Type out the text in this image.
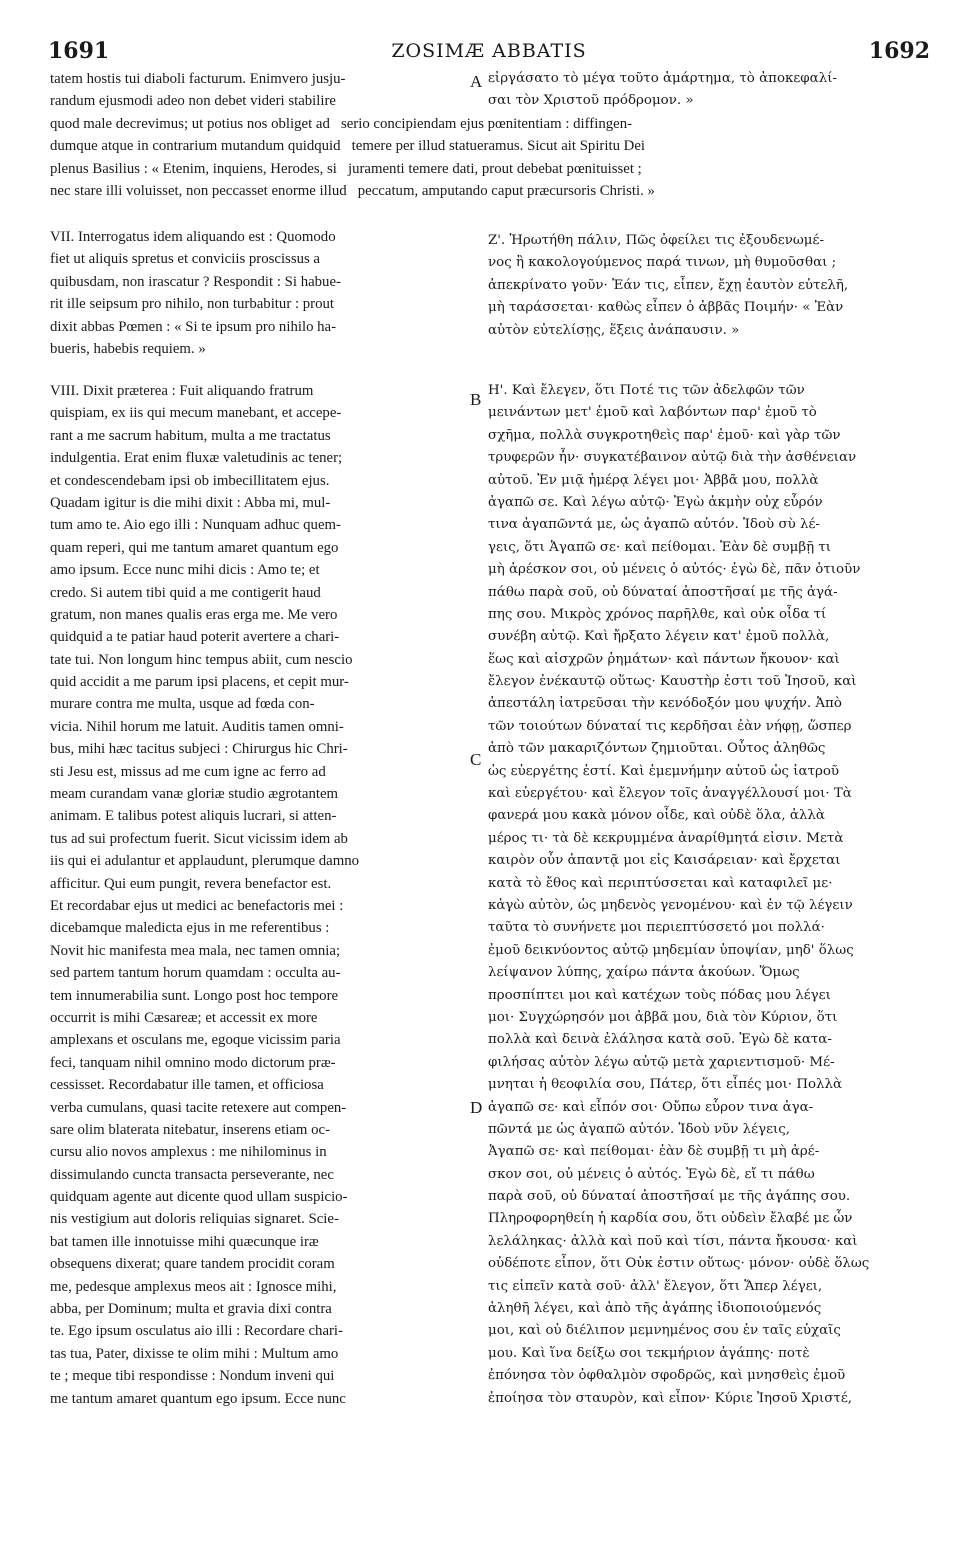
1691	ZOSIMÆ ABBATIS	1692
A
B
C
D
tatem hostis tui diaboli facturum. Enimvero jusju-
randum ejusmodi adeo non debet videri stabilire
εἰργάσατο τὸ μέγα τοῦτο ἁμάρτημα, τὸ ἀποκεφαλί-
σαι τὸν Χριστοῦ πρόδρομον. »
quod male decrevimus; ut potius nos obliget ad   serio concipiendam ejus pœnitentiam : diffingen-
dumque atque in contrarium mutandum quidquid   temere per illud statueramus. Sicut ait Spiritu Dei
plenus Basilius : « Etenim, inquiens, Herodes, si   juramenti temere dati, prout debebat pœnituisset ;
nec stare illi voluisset, non peccasset enorme illud   peccatum, amputando caput præcursoris Christi. »
VII. Interrogatus idem aliquando est : Quomodo
fiet ut aliquis spretus et conviciis proscissus a
quibusdam, non irascatur ? Respondit : Si habue-
rit ille seipsum pro nihilo, non turbabitur : prout
dixit abbas Pœmen : « Si te ipsum pro nihilo ha-
bueris, habebis requiem. »
Ζ'. Ἠρωτήθη πάλιν, Πῶς ὀφείλει τις ἐξουδενωμέ-
νος ἢ κακολογούμενος παρά τινων, μὴ θυμοῦσθαι ;
ἀπεκρίνατο γοῦν· Ἐάν τις, εἶπεν, ἔχῃ ἑαυτὸν εὐτελῆ,
μὴ ταράσσεται· καθὼς εἶπεν ὁ ἀββᾶς Ποιμήν· « Ἐὰν
αὐτὸν εὐτελίσῃς, ἕξεις ἀνάπαυσιν. »
VIII. Dixit præterea : Fuit aliquando fratrum
quispiam, ex iis qui mecum manebant, et accepe-
rant a me sacrum habitum, multa a me tractatus
indulgentia. Erat enim fluxæ valetudinis ac tener;
et condescendebam ipsi ob imbecillitatem ejus.
Quadam igitur is die mihi dixit : Abba mi, mul-
tum amo te. Aio ego illi : Nunquam adhuc quem-
quam reperi, qui me tantum amaret quantum ego
amo ipsum. Ecce nunc mihi dicis : Amo te; et
credo. Si autem tibi quid a me contigerit haud
gratum, non manes qualis eras erga me. Me vero
quidquid a te patiar haud poterit avertere a chari-
tate tui. Non longum hinc tempus abiit, cum nescio
quid accidit a me parum ipsi placens, et cepit mur-
murare contra me multa, usque ad fœda con-
vicia. Nihil horum me latuit. Auditis tamen omni-
bus, mihi hæc tacitus subjeci : Chirurgus hic Chri-
sti Jesu est, missus ad me cum igne ac ferro ad
meam curandam vanæ gloriæ studio ægrotantem
animam. E talibus potest aliquis lucrari, si atten-
tus ad sui profectum fuerit. Sicut vicissim idem ab
iis qui ei adulantur et applaudunt, plerumque damno
afficitur. Qui eum pungit, revera benefactor est.
Et recordabar ejus ut medici ac benefactoris mei :
dicebamque maledicta ejus in me referentibus :
Novit hic manifesta mea mala, nec tamen omnia;
sed partem tantum horum quamdam : occulta au-
tem innumerabilia sunt. Longo post hoc tempore
occurrit is mihi Cæsareæ; et accessit ex more
amplexans et osculans me, egoque vicissim paria
feci, tanquam nihil omnino modo dictorum præ-
cessisset. Recordabatur ille tamen, et officiosa
verba cumulans, quasi tacite retexere aut compen-
sare olim blaterata nitebatur, inserens etiam oc-
cursu alio novos amplexus : me nihilominus in
dissimulando cuncta transacta perseverante, nec
quidquam agente aut dicente quod ullam suspicio-
nis vestigium aut doloris reliquias signaret. Scie-
bat tamen ille innotuisse mihi quæcunque iræ
obsequens dixerat; quare tandem procidit coram
me, pedesque amplexus meos ait : Ignosce mihi,
abba, per Dominum; multa et gravia dixi contra
te. Ego ipsum osculatus aio illi : Recordare chari-
tas tua, Pater, dixisse te olim mihi : Multum amo
te ; meque tibi respondisse : Nondum inveni qui
me tantum amaret quantum ego ipsum. Ecce nunc
Η'. Καὶ ἔλεγεν, ὅτι Ποτέ τις τῶν ἀδελφῶν τῶν
μεινάντων μετ' ἐμοῦ καὶ λαβόντων παρ' ἐμοῦ τὸ
σχῆμα, πολλὰ συγκροτηθεὶς παρ' ἐμοῦ· καὶ γὰρ τῶν
τρυφερῶν ἦν· συγκατέβαινον αὐτῷ διὰ τὴν ἀσθένειαν
αὐτοῦ. Ἐν μιᾷ ἡμέρᾳ λέγει μοι· Ἀββᾶ μου, πολλὰ
ἀγαπῶ σε. Καὶ λέγω αὐτῷ· Ἐγὼ ἀκμὴν οὐχ εὗρόν
τινα ἀγαπῶντά με, ὡς ἀγαπῶ αὐτόν. Ἰδοὺ σὺ λέ-
γεις, ὅτι Ἀγαπῶ σε· καὶ πείθομαι. Ἐὰν δὲ συμβῇ τι
μὴ ἀρέσκον σοι, οὐ μένεις ὁ αὐτός· ἐγὼ δὲ, πᾶν ὁτιοῦν
πάθω παρὰ σοῦ, οὐ δύναταί ἀποστῆσαί με τῆς ἀγά-
πης σου. Μικρὸς χρόνος παρῆλθε, καὶ οὐκ οἶδα τί
συνέβη αὐτῷ. Καὶ ἤρξατο λέγειν κατ' ἐμοῦ πολλὰ,
ἕως καὶ αἰσχρῶν ῥημάτων· καὶ πάντων ἤκουον· καὶ
ἔλεγον ἐνέκαυτῷ οὕτως· Καυστὴρ ἐστι τοῦ Ἰησοῦ, καὶ
ἀπεστάλη ἰατρεῦσαι τὴν κενόδοξόν μου ψυχήν. Ἀπὸ
τῶν τοιούτων δύναταί τις κερδῆσαι ἐὰν νήφῃ, ὥσπερ
ἀπὸ τῶν μακαριζόντων ζημιοῦται. Οὗτος ἀληθῶς
ὡς εὐεργέτης ἐστί. Καὶ ἐμεμνήμην αὐτοῦ ὡς ἰατροῦ
καὶ εὐεργέτου· καὶ ἔλεγον τοῖς ἀναγγέλλουσί μοι· Τὰ
φανερά μου κακὰ μόνον οἶδε, καὶ οὐδὲ ὅλα, ἀλλὰ
μέρος τι· τὰ δὲ κεκρυμμένα ἀναρίθμητά εἰσιν. Μετὰ
καιρὸν οὖν ἀπαντᾷ μοι εἰς Καισάρειαν· καὶ ἔρχεται
κατὰ τὸ ἔθος καὶ περιπτύσσεται καὶ καταφιλεῖ με·
κἀγὼ αὐτὸν, ὡς μηδενὸς γενομένου· καὶ ἐν τῷ λέγειν
ταῦτα τὸ συνήνετε μοι περιεπτύσσετό μοι πολλά·
ἐμοῦ δεικνύοντος αὐτῷ μηδεμίαν ὑποψίαν, μηδ' ὅλως
λείψανον λύπης, χαίρω πάντα ἀκούων. Ὅμως
προσπίπτει μοι καὶ κατέχων τοὺς πόδας μου λέγει
μοι· Συγχώρησόν μοι ἀββᾶ μου, διὰ τὸν Κύριον, ὅτι
πολλὰ καὶ δεινὰ ἐλάλησα κατὰ σοῦ. Ἐγὼ δὲ κατα-
φιλήσας αὐτὸν λέγω αὐτῷ μετὰ χαριεντισμοῦ· Μέ-
μνηται ἡ θεοφιλία σου, Πάτερ, ὅτι εἶπές μοι· Πολλὰ
ἀγαπῶ σε· καὶ εἶπόν σοι· Οὔπω εὗρον τινα ἀγα-
πῶντά με ὡς ἀγαπῶ αὐτόν. Ἰδοὺ νῦν λέγεις,
Ἀγαπῶ σε· καὶ πείθομαι· ἐὰν δὲ συμβῇ τι μὴ ἀρέ-
σκον σοι, οὐ μένεις ὁ αὐτός. Ἐγὼ δὲ, εἴ τι πάθω
παρὰ σοῦ, οὐ δύναταί ἀποστῆσαί με τῆς ἀγάπης σου.
Πληροφορηθείη ἡ καρδία σου, ὅτι οὐδεὶν ἔλαβέ με ὧν
λελάληκας· ἀλλὰ καὶ ποῦ καὶ τίσι, πάντα ἤκουσα· καὶ
οὐδέποτε εἶπον, ὅτι Οὐκ ἐστιν οὕτως· μόνον· οὐδὲ ὅλως
τις εἰπεῖν κατὰ σοῦ· ἀλλ' ἔλεγον, ὅτι Ἅπερ λέγει,
ἀληθῆ λέγει, καὶ ἀπὸ τῆς ἀγάπης ἰδιοποιούμενός
μοι, καὶ οὐ διέλιπον μεμνημένος σου ἐν ταῖς εὐχαῖς
μου. Καὶ ἵνα δείξω σοι τεκμήριον ἀγάπης· ποτὲ
ἐπόνησα τὸν ὀφθαλμὸν σφοδρῶς, καὶ μνησθεὶς ἐμοῦ
ἐποίησα τὸν σταυρὸν, καὶ εἶπον· Κύριε Ἰησοῦ Χριστέ,
